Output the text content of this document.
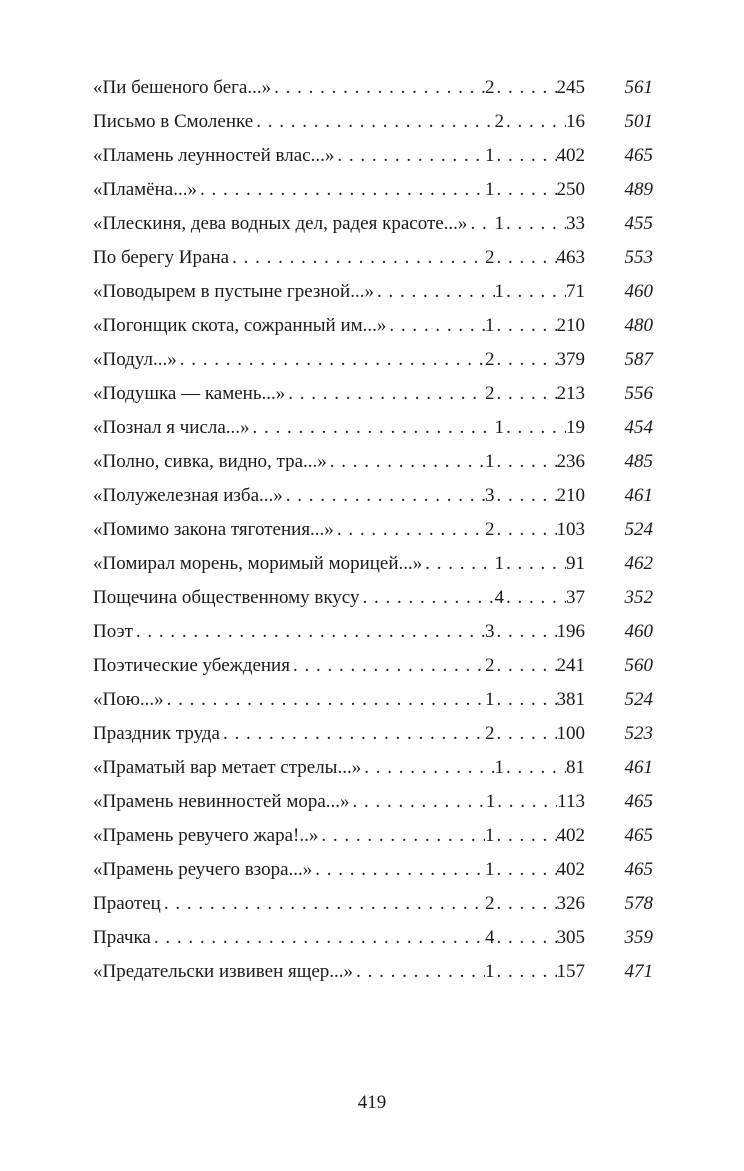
«Пи бешеного бега...» . . .	2 . . .	245	561
Письмо в Смоленке . . .	2 . . .	16	501
«Пламень леунностей влас...» . . .	1 . . .	402	465
«Пламёна...» . . .	1 . . .	250	489
«Плескиня, дева водных дел, радея красоте...» . . . 1 . . .	33	455
По берегу Ирана . . .	2 . . .	463	553
«Поводырем в пустыне грезной...» . . .	1 . . .	71	460
«Погонщик скота, сожранный им...» . . .	1 . . .	210	480
«Подул...» . . .	2 . . .	379	587
«Подушка — камень...» . . .	2 . . .	213	556
«Познал я числа...» . . .	1 . . .	19	454
«Полно, сивка, видно, тра...» . . .	1 . . .	236	485
«Полужелезная изба...» . . .	3 . . .	210	461
«Помимо закона тяготения...» . . .	2 . . .	103	524
«Помирал морень, моримый морицей...» . . .	1 . . .	91	462
Пощечина общественному вкусу . . .	4 . . .	37	352
Поэт . . .	3 . . .	196	460
Поэтические убеждения . . .	2 . . .	241	560
«Пою...» . . .	1 . . .	381	524
Праздник труда . . .	2 . . .	100	523
«Праматый вар метает стрелы...» . . .	1 . . .	81	461
«Прамень невинностей мора...» . . .	1 . . .	113	465
«Прамень ревучего жара!..» . . .	1 . . .	402	465
«Прамень реучего взора...» . . .	1 . . .	402	465
Праотец . . .	2 . . .	326	578
Прачка . . .	4 . . .	305	359
«Предательски извивен ящер...» . . .	1 . . .	157	471
419
